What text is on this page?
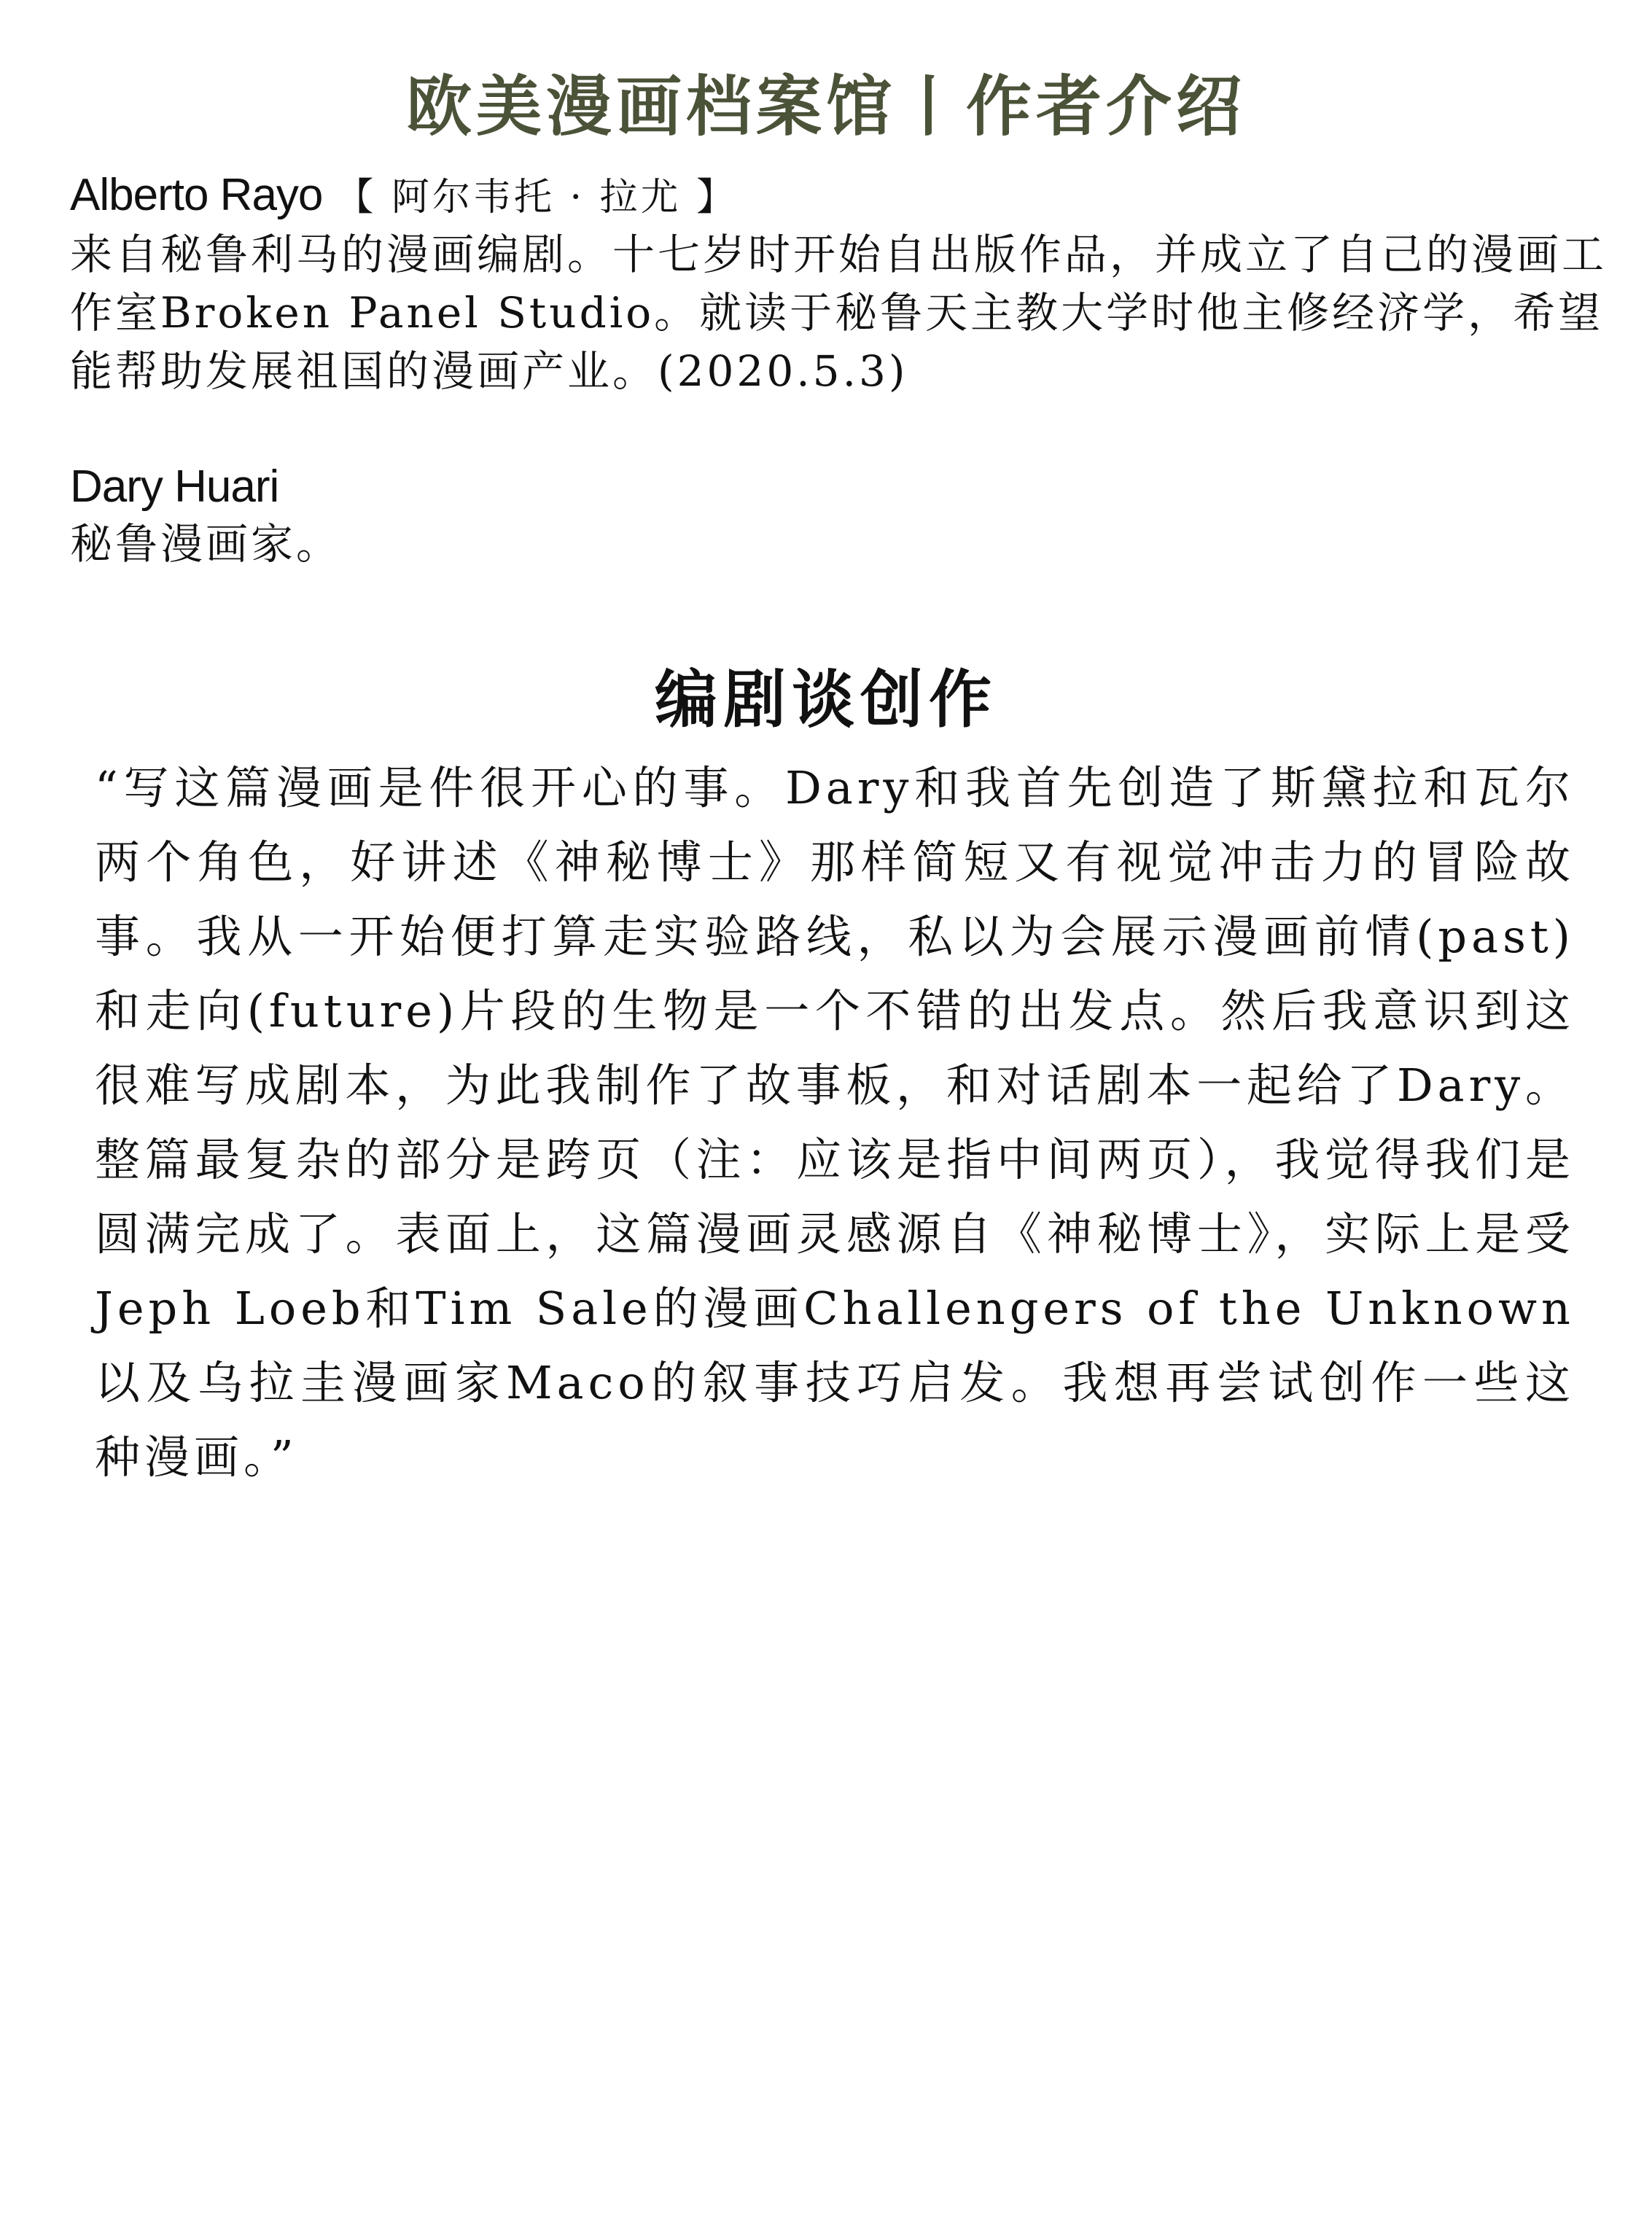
欧美漫画档案馆丨作者介绍
Alberto Rayo 【 阿尔韦托 · 拉尤 】

来自秘鲁利马的漫画编剧。十七岁时开始自出版作品，并成立了自己的漫画工作室Broken Panel Studio。就读于秘鲁天主教大学时他主修经济学，希望能帮助发展祖国的漫画产业。(2020.5.3)

Dary Huari

秘鲁漫画家。

编剧谈创作

“写这篇漫画是件很开心的事。Dary和我首先创造了斯黛拉和瓦尔两个角色，好讲述《神秘博士》那样简短又有视觉冲击力的冒险故事。我从一开始便打算走实验路线，私以为会展示漫画前情(past)和走向(future)片段的生物是一个不错的出发点。然后我意识到这很难写成剧本，为此我制作了故事板，和对话剧本一起给了Dary。整篇最复杂的部分是跨页（注：应该是指中间两页），我觉得我们是圆满完成了。表面上，这篇漫画灵感源自《神秘博士》，实际上是受Jeph Loeb和Tim Sale的漫画Challengers of the Unknown以及乌拉圭漫画家Maco的叙事技巧启发。我想再尝试创作一些这种漫画。”
